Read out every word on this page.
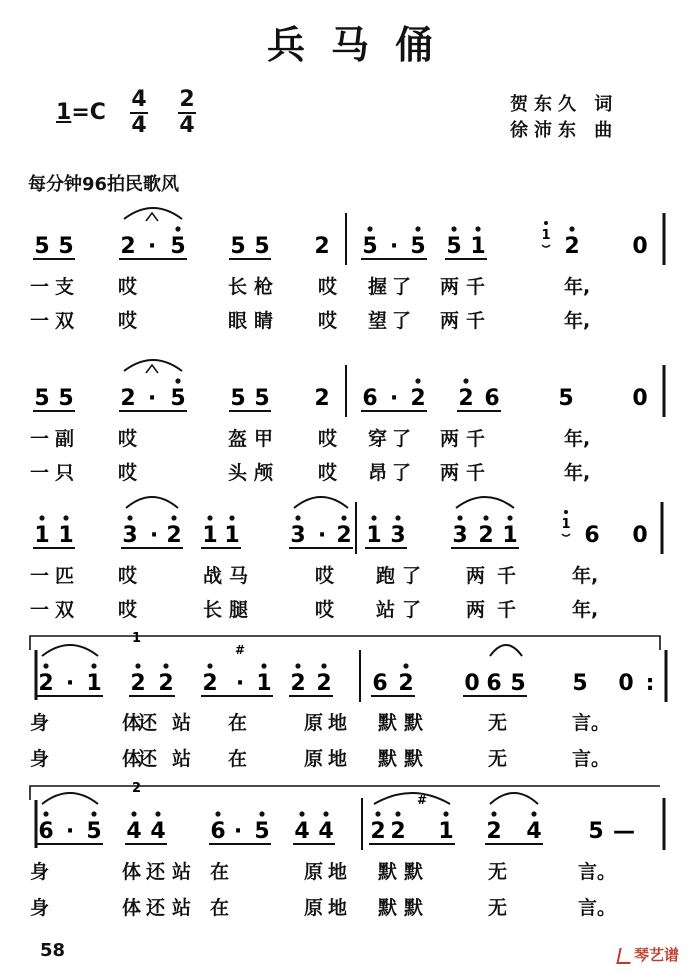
兵马俑
1=C
4
4
2
4
贺东久 词
徐沛东 曲
每分钟96拍民歌风
5 5 2 · 5 5 5 2 5 · 5 5 1	2
1	0
5 5 2 · 5 5 5 2 6 · 2 2 6	5	0
1 1 3 · 2 1 1 3 · 2 1 3 3 2 1	6
1	0
2 · 1 2 2 2 · 1 2 2 6 2 0 6 5 5 0 :
6 · 5 4 4 6 · 5 4 4 2 2 1 2 4 5 —
#
#
1
2
一 支 哎	长 枪 哎 握 了 两 千	年,
一 双 哎	眼 睛 哎 望 了 两 千	年,
一 副 哎	盔 甲 哎 穿 了 两 千	年,
一 只 哎	头 颅 哎 昂 了 两 千	年,
一 匹 哎	战 马	哎 跑 了 两 千	年,
一 双 哎	长 腿	哎 站 了 两 千	年,
身	体
还 站 在	原 地 默 默	无	言。
身	体
还 站 在	原 地 默 默	无	言。
身	体 还 站 在	原 地 默 默	无	言。
身	体 还 站 在	原 地 默 默	无	言。
58	琴艺谱
